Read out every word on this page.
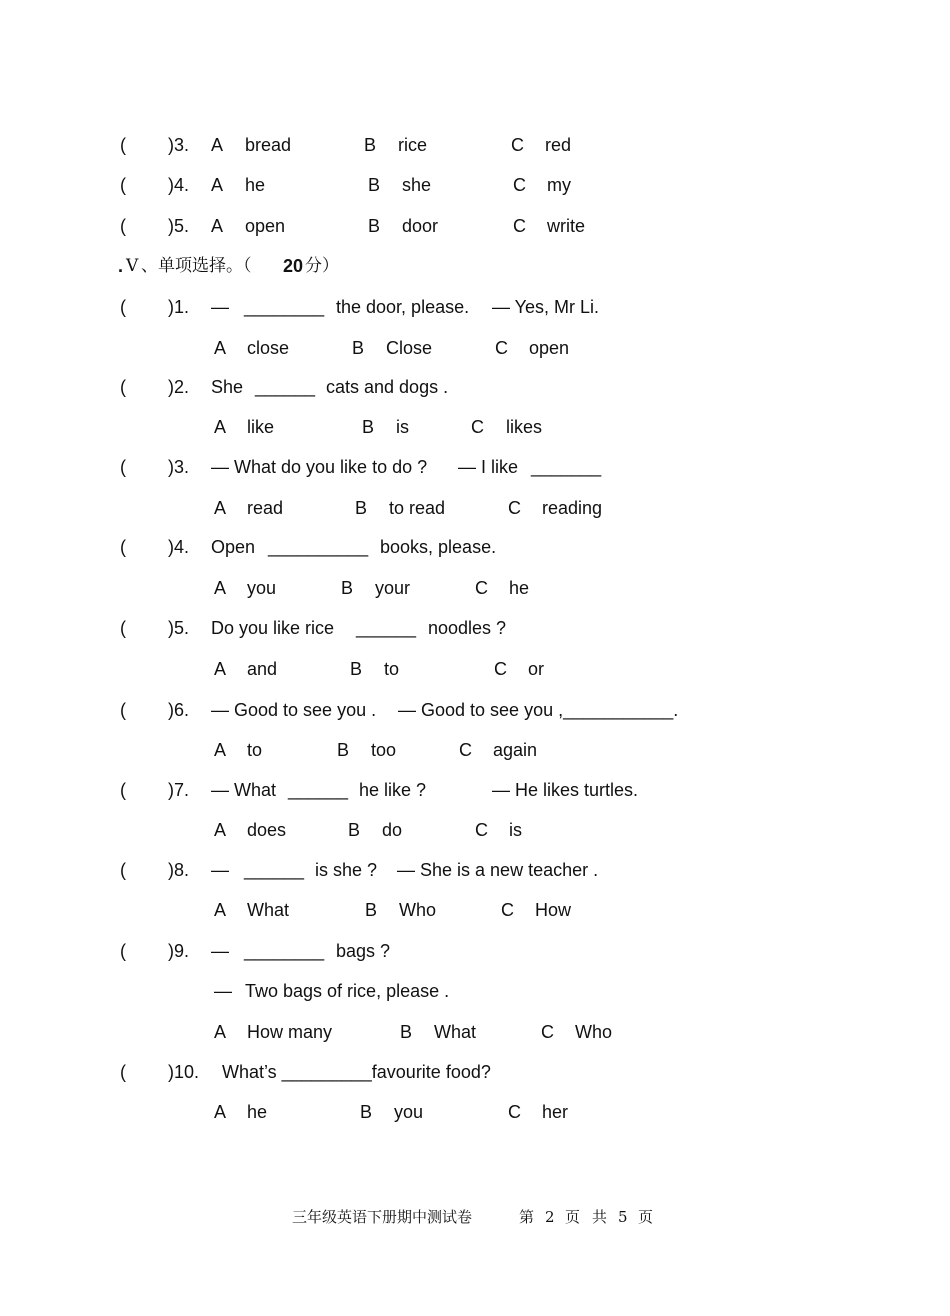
( )3. A bread	B rice	C red
( )4. A he	B she	C my
( )5. A open	B door	C write
. V 、单项选择。（ 20 分）
( )1. — ________ the door, please. — Yes, Mr Li.
A close	B Close	C open
( )2. She ______ cats and dogs .
A like	B is	C likes
( )3. — What do you like to do ? — I like _______
A read	B to read	C reading
( )4. Open __________ books, please.
A you	B your	C he
( )5. Do you like rice ______ noodles ?
A and	B to	C or
( )6. — Good to see you . — Good to see you ,___________.
A to	B too	C again
( )7. — What ______ he like ?	— He likes turtles.
A does	B do	C is
( )8. — ______ is she ? — She is a new teacher .
A What	B Who	C How
( )9. — ________ bags ?
— Two bags of rice, please .
A How many	B What	C Who
( )10. What’s _________favourite food?
A he	B you	C her
三年级英语下册期中测试卷	第 2 页 共 5 页
